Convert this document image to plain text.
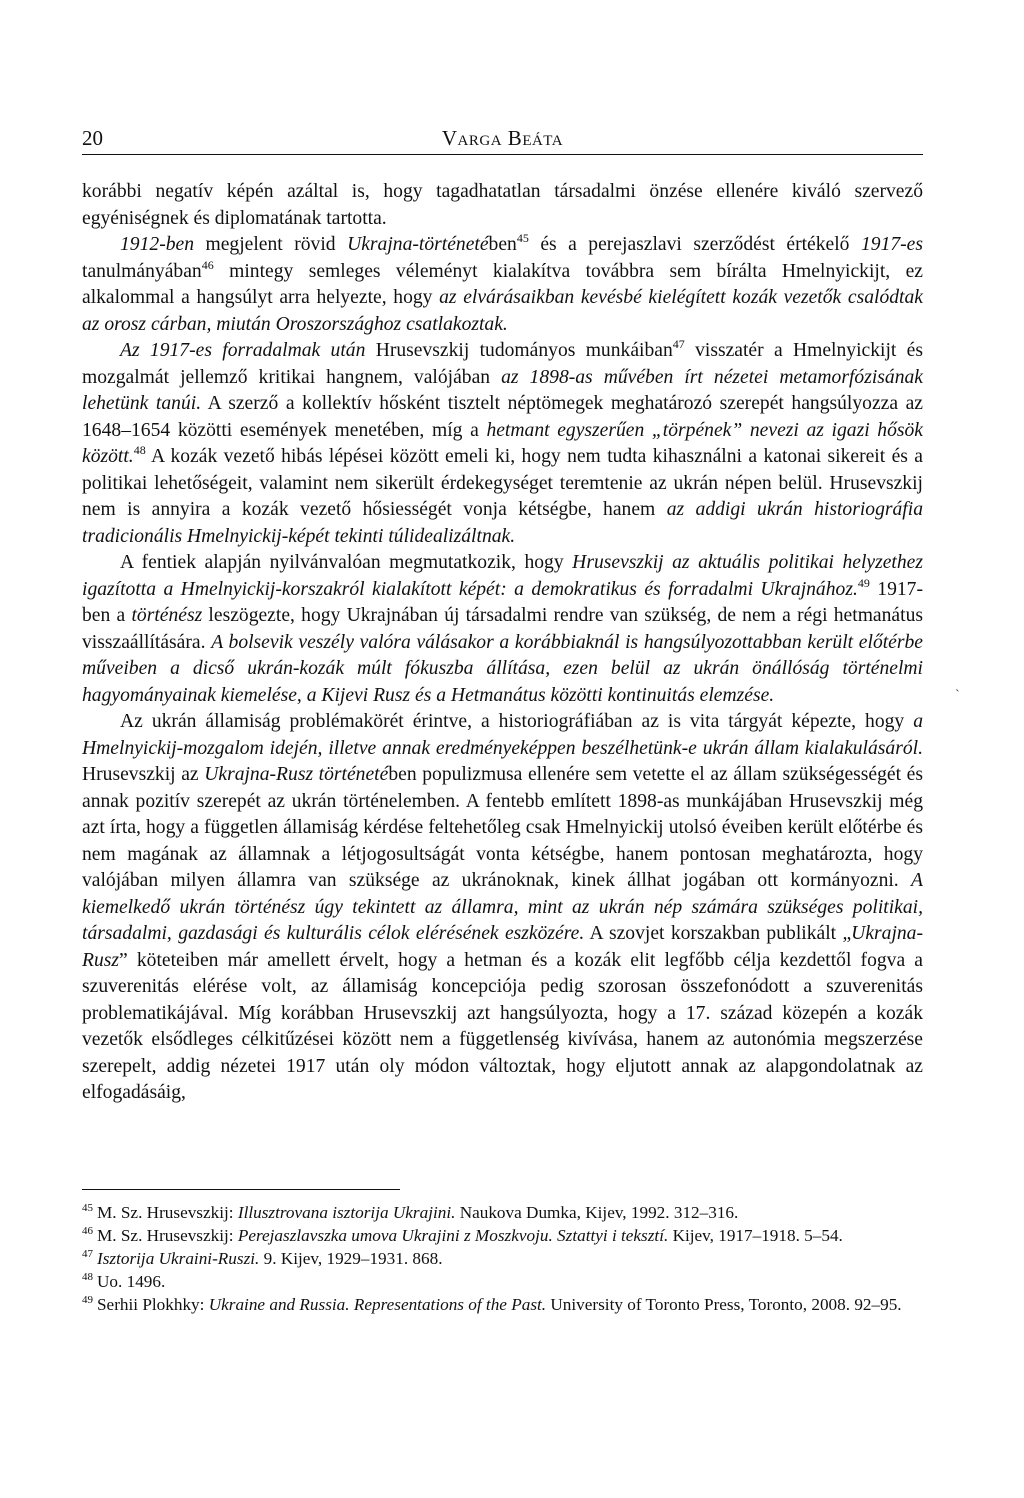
20	Varga Beáta

korábbi negatív képén azáltal is, hogy tagadhatatlan társadalmi önzése ellenére kiváló szervező egyéniségnek és diplomatának tartotta.

1912-ben megjelent rövid Ukrajna-történetében$^{45}$ és a perejaszlavi szerződést értékelő 1917-es tanulmányában$^{46}$ mintegy semleges véleményt kialakítva továbbra sem bírálta Hmelnyickijt, ez alkalommal a hangsúlyt arra helyezte, hogy az elvárásaikban kevésbé kielégített kozák vezetők csalódtak az orosz cárban, miután Oroszországhoz csatlakoztak.

Az 1917-es forradalmak után Hrusevszkij tudományos munkáiban$^{47}$ visszatér a Hmelnyickijt és mozgalmát jellemző kritikai hangnem, valójában az 1898-as művében írt nézetei metamorfózisának lehetünk tanúi. A szerző a kollektív hősként tisztelt néptömegek meghatározó szerepét hangsúlyozza az 1648–1654 közötti események menetében, míg a hetmant egyszerűen „törpének” nevezi az igazi hősök között.$^{48}$ A kozák vezető hibás lépései között emeli ki, hogy nem tudta kihasználni a katonai sikereit és a politikai lehetőségeit, valamint nem sikerült érdekegységet teremtenie az ukrán népen belül. Hrusevszkij nem is annyira a kozák vezető hősiességét vonja kétségbe, hanem az addigi ukrán historiográfia tradicionális Hmelnyickij-képét tekinti túlidealizáltnak.

A fentiek alapján nyilvánvalóan megmutatkozik, hogy Hrusevszkij az aktuális politikai helyzethez igazította a Hmelnyickij-korszakról kialakított képét: a demokratikus és forradalmi Ukrajnához.$^{49}$ 1917-ben a történész leszögezte, hogy Ukrajnában új társadalmi rendre van szükség, de nem a régi hetmanátus visszaállítására. A bolsevik veszély valóra válásakor a korábbiaknál is hangsúlyozottabban került előtérbe műveiben a dicső ukrán-kozák múlt fókuszba állítása, ezen belül az ukrán önállóság történelmi hagyományainak kiemelése, a Kijevi Rusz és a Hetmanátus közötti kontinuitás elemzése.

Az ukrán államiság problémakörét érintve, a historiográfiában az is vita tárgyát képezte, hogy a Hmelnyickij-mozgalom idején, illetve annak eredményeképpen beszélhetünk-e ukrán állam kialakulásáról. Hrusevszkij az Ukrajna-Rusz történetében populizmusa ellenére sem vetette el az állam szükségességét és annak pozitív szerepét az ukrán történelemben. A fentebb említett 1898-as munkájában Hrusevszkij még azt írta, hogy a független államiság kérdése feltehetőleg csak Hmelnyickij utolsó éveiben került előtérbe és nem magának az államnak a létjogosultságát vonta kétségbe, hanem pontosan meghatározta, hogy valójában milyen államra van szüksége az ukránoknak, kinek állhat jogában ott kormányozni. A kiemelkedő ukrán történész úgy tekintett az államra, mint az ukrán nép számára szükséges politikai, társadalmi, gazdasági és kulturális célok elérésének eszközére. A szovjet korszakban publikált „Ukrajna-Rusz” köteteiben már amellett érvelt, hogy a hetman és a kozák elit legfőbb célja kezdettől fogva a szuverenitás elérése volt, az államiság koncepciója pedig szorosan összefonódott a szuverenitás problematikájával. Míg korábban Hrusevszkij azt hangsúlyozta, hogy a 17. század közepén a kozák vezetők elsődleges célkitűzései között nem a függetlenség kivívása, hanem az autonómia megszerzése szerepelt, addig nézetei 1917 után oly módon változtak, hogy eljutott annak az alapgondolatnak az elfogadásáig,

$^{45}$ M. Sz. Hrusevszkij: Illusztrovana isztorija Ukrajini. Naukova Dumka, Kijev, 1992. 312–316.

$^{46}$ M. Sz. Hrusevszkij: Perejaszlavszka umova Ukrajini z Moszkvoju. Sztattyi i teksztí. Kijev, 1917–1918. 5–54.

$^{47}$ Isztorija Ukraini-Ruszi. 9. Kijev, 1929–1931. 868.

$^{48}$ Uo. 1496.

$^{49}$ Serhii Plokhky: Ukraine and Russia. Representations of the Past. University of Toronto Press, Toronto, 2008. 92–95.

`
